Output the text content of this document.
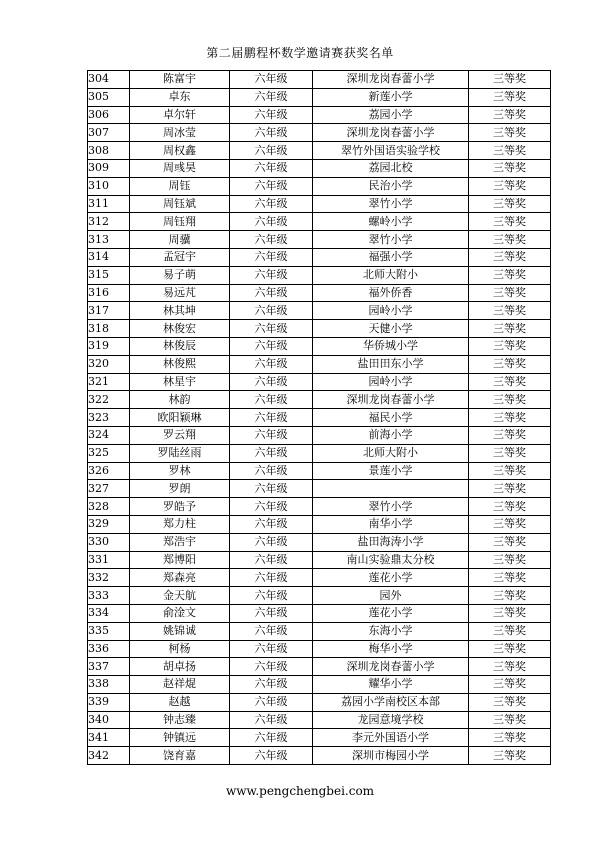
第二届鹏程杯数学邀请赛获奖名单
304	陈富宇	六年级	深圳龙岗春蕾小学	三等奖
305	卓东	六年级	新莲小学	三等奖
306	卓尔轩	六年级	荔园小学	三等奖
307	周冰莹	六年级	深圳龙岗春蕾小学	三等奖
308	周权鑫	六年级	翠竹外国语实验学校	三等奖
309	周彧昊	六年级	荔园北校	三等奖
310	周钰	六年级	民治小学	三等奖
311	周钰斌	六年级	翠竹小学	三等奖
312	周钰翔	六年级	螺岭小学	三等奖
313	周骥	六年级	翠竹小学	三等奖
314	孟冠宇	六年级	福强小学	三等奖
315	易子萌	六年级	北师大附小	三等奖
316	易远芃	六年级	福外侨香	三等奖
317	林其坤	六年级	园岭小学	三等奖
318	林俊宏	六年级	天健小学	三等奖
319	林俊辰	六年级	华侨城小学	三等奖
320	林俊熙	六年级	盐田田东小学	三等奖
321	林星宇	六年级	园岭小学	三等奖
322	林韵	六年级	深圳龙岗春蕾小学	三等奖
323	欧阳颖琳	六年级	福民小学	三等奖
324	罗云翔	六年级	前海小学	三等奖
325	罗陆丝雨	六年级	北师大附小	三等奖
326	罗林	六年级	景莲小学	三等奖
327	罗朗	六年级		三等奖
328	罗皓予	六年级	翠竹小学	三等奖
329	郑力柱	六年级	南华小学	三等奖
330	郑浩宇	六年级	盐田海涛小学	三等奖
331	郑博阳	六年级	南山实验鼎太分校	三等奖
332	郑森亮	六年级	莲花小学	三等奖
333	金天航	六年级	园外	三等奖
334	俞淦文	六年级	莲花小学	三等奖
335	姚锦诚	六年级	东海小学	三等奖
336	柯杨	六年级	梅华小学	三等奖
337	胡卓扬	六年级	深圳龙岗春蕾小学	三等奖
338	赵祥焜	六年级	耀华小学	三等奖
339	赵越	六年级	荔园小学南校区本部	三等奖
340	钟志臻	六年级	龙园意境学校	三等奖
341	钟镇远	六年级	李元外国语小学	三等奖
342	饶育嘉	六年级	深圳市梅园小学	三等奖
www.pengchengbei.com
